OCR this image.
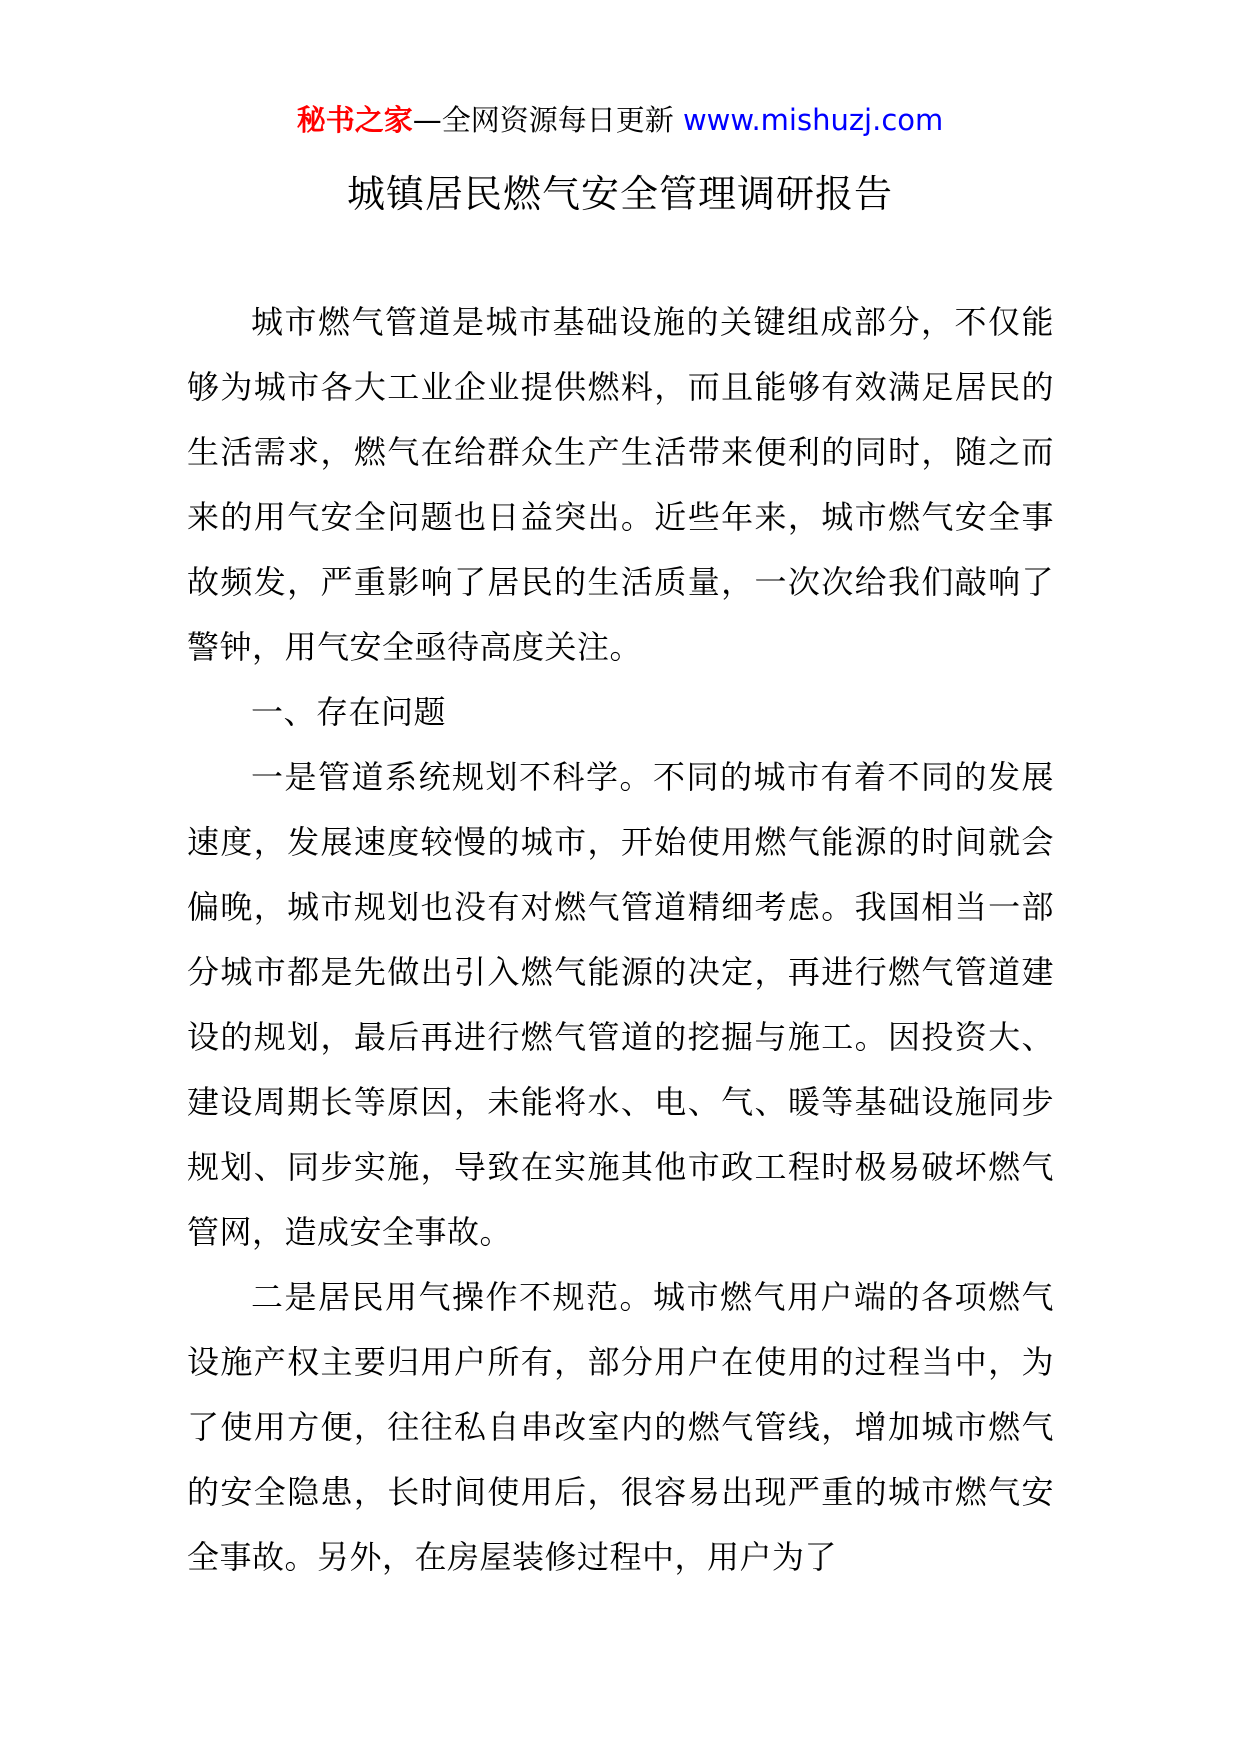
秘书之家—全网资源每日更新 www.mishuzj.com
城镇居民燃气安全管理调研报告

城市燃气管道是城市基础设施的关键组成部分，不仅能够为城市各大工业企业提供燃料，而且能够有效满足居民的生活需求，燃气在给群众生产生活带来便利的同时，随之而来的用气安全问题也日益突出。近些年来，城市燃气安全事故频发，严重影响了居民的生活质量，一次次给我们敲响了警钟，用气安全亟待高度关注。

一、存在问题

一是管道系统规划不科学。不同的城市有着不同的发展速度，发展速度较慢的城市，开始使用燃气能源的时间就会偏晚，城市规划也没有对燃气管道精细考虑。我国相当一部分城市都是先做出引入燃气能源的决定，再进行燃气管道建设的规划，最后再进行燃气管道的挖掘与施工。因投资大、建设周期长等原因，未能将水、电、气、暖等基础设施同步规划、同步实施，导致在实施其他市政工程时极易破坏燃气管网，造成安全事故。

二是居民用气操作不规范。城市燃气用户端的各项燃气设施产权主要归用户所有，部分用户在使用的过程当中，为了使用方便，往往私自串改室内的燃气管线，增加城市燃气的安全隐患，长时间使用后，很容易出现严重的城市燃气安全事故。另外，在房屋装修过程中，用户为了
